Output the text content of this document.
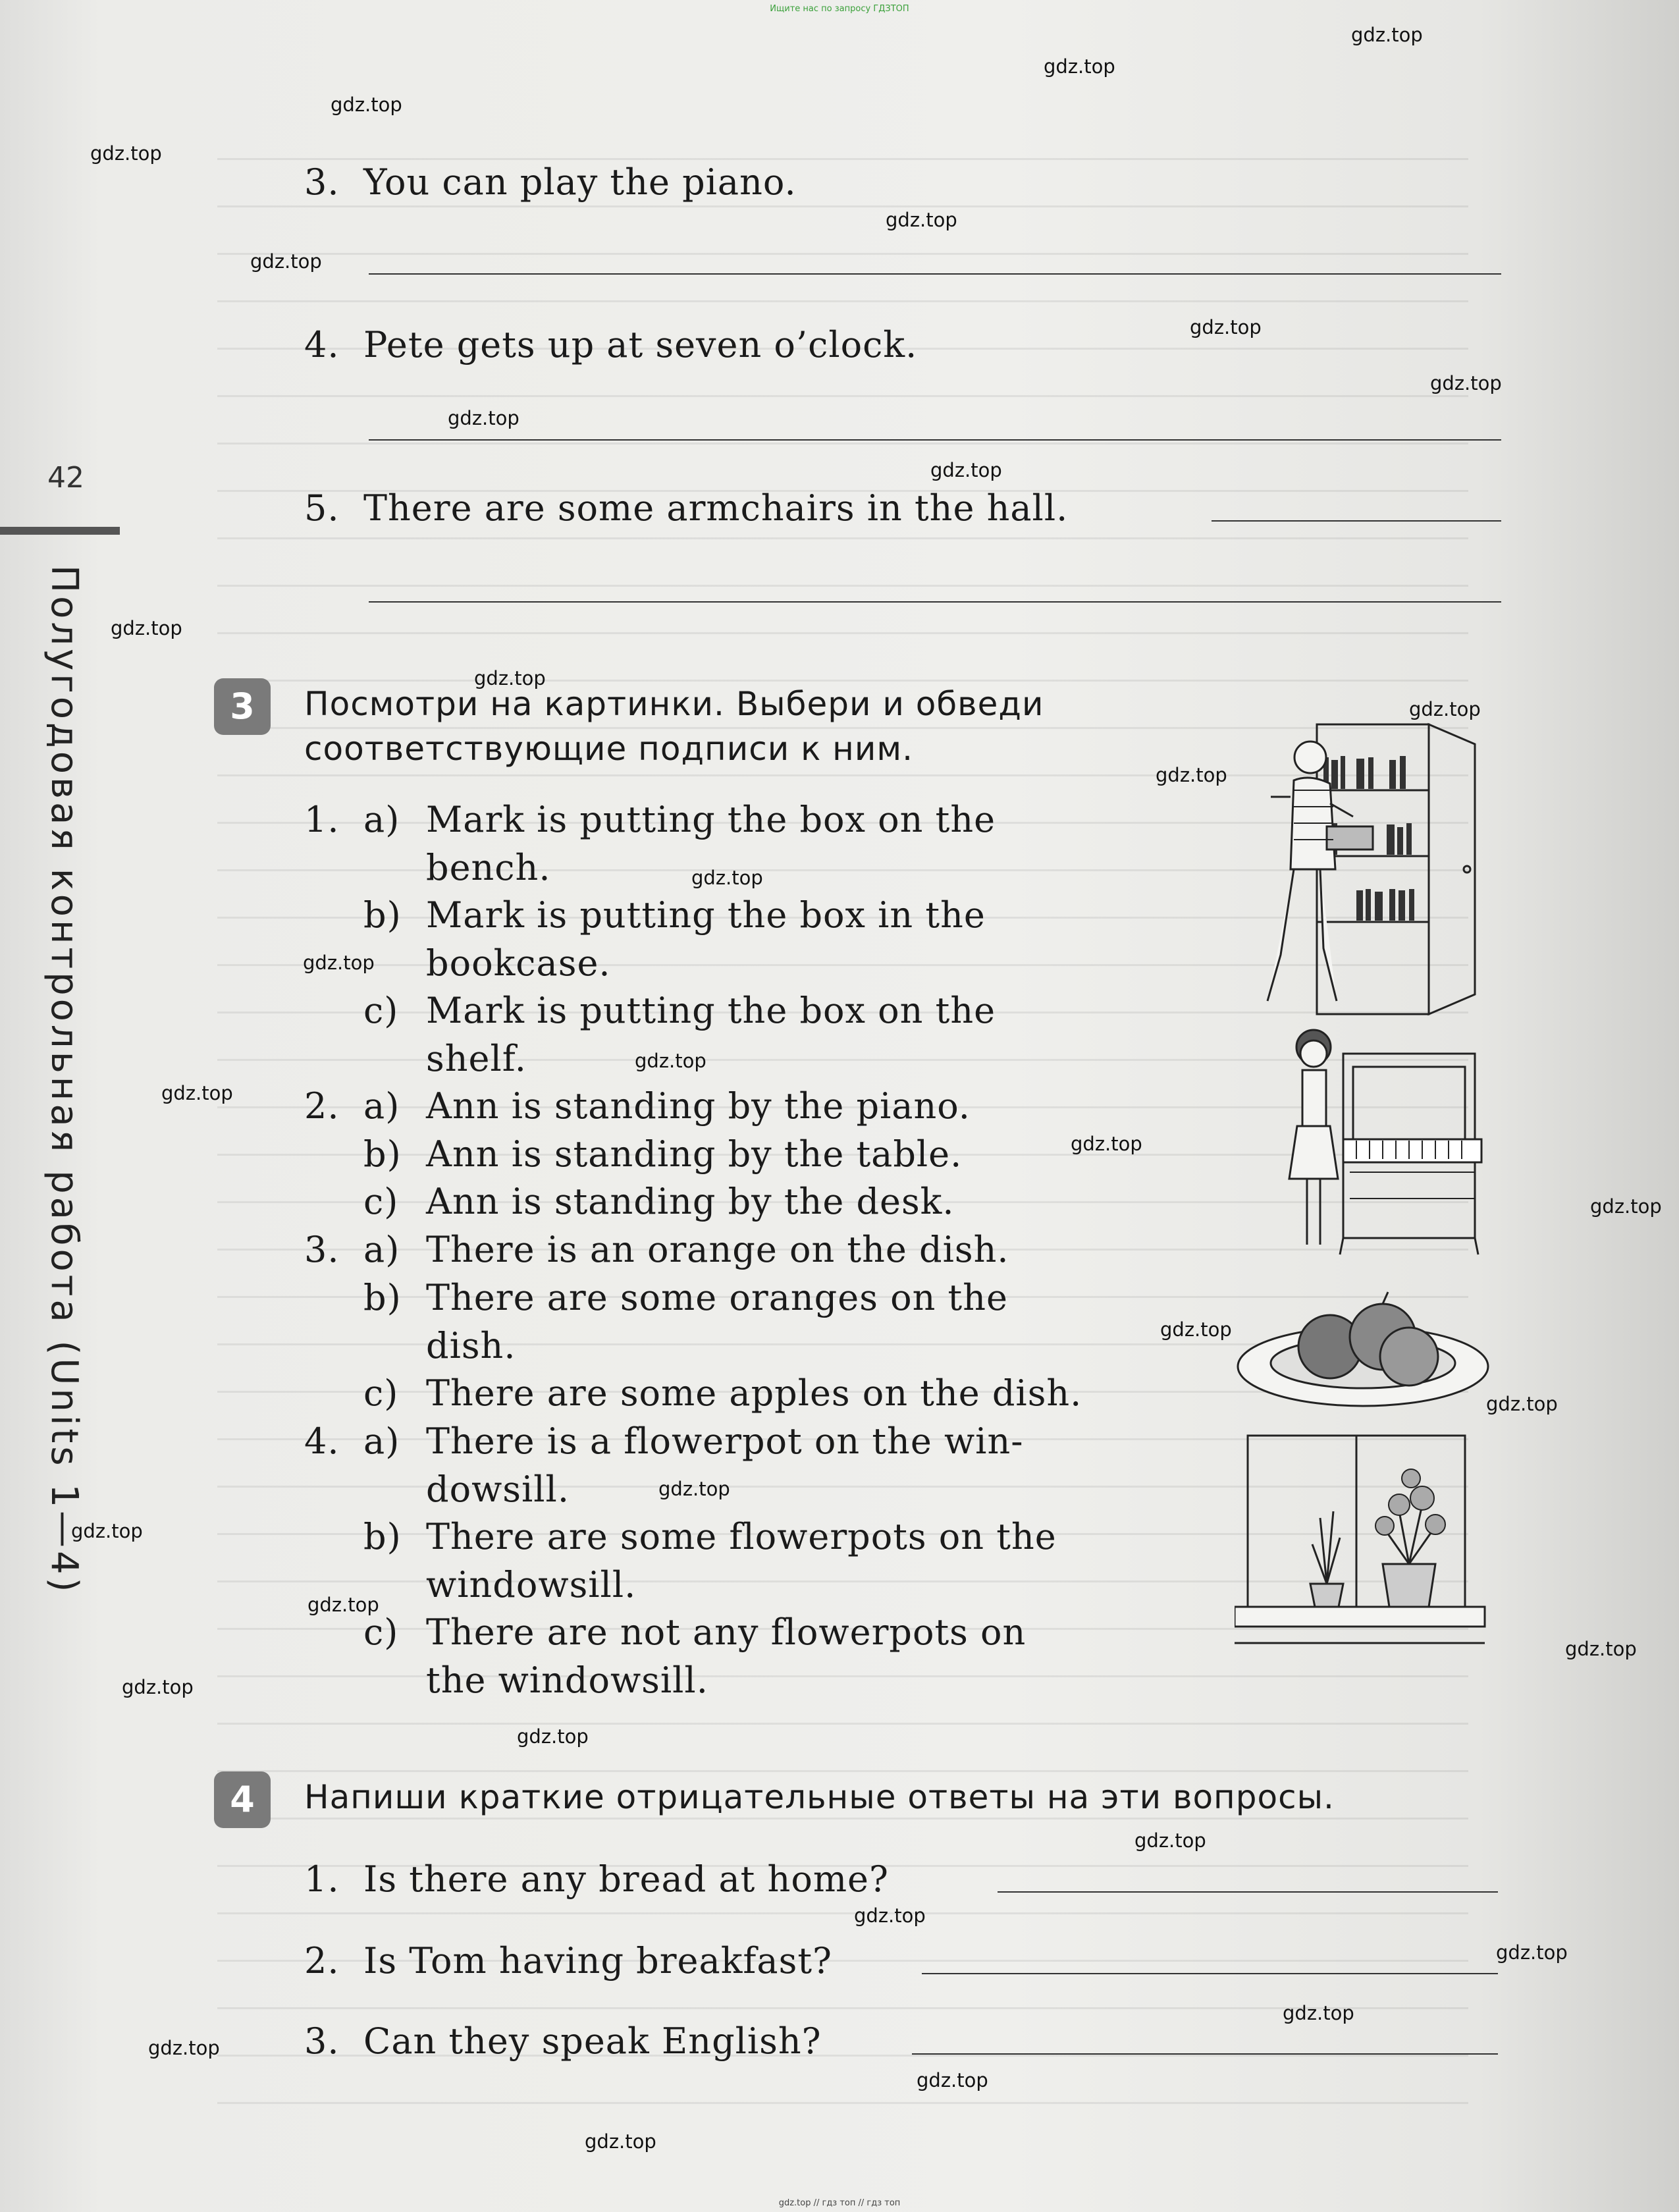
Ищите нас по запросу ГДЗТОП
gdz.top // гдз топ // гдз топ
42
Полугодовая контрольная работа (Units 1—4)
3. You can play the piano.
4. Pete gets up at seven o’clock.
5. There are some armchairs in the hall.
3	Посмотри на картинки. Выбери и обведи
соответствующие подписи к ним.
1. a) Mark is putting the box on the
bench.
b) Mark is putting the box in the
bookcase.
c) Mark is putting the box on the
shelf.
2. a) Ann is standing by the piano.
b) Ann is standing by the table.
c) Ann is standing by the desk.
3. a) There is an orange on the dish.
b) There are some oranges on the
dish.
c) There are some apples on the dish.
4. a) There is a flowerpot on the win-
dowsill.
b) There are some flowerpots on the
windowsill.
c) There are not any flowerpots on
the windowsill.
4	Напиши краткие отрицательные ответы на эти вопросы.
1. Is there any bread at home?
2. Is Tom having breakfast?
3. Can they speak English?
gdz.top
gdz.top
gdz.top
gdz.top
gdz.top
gdz.top
gdz.top
gdz.top
gdz.top
gdz.top
gdz.top
gdz.top
gdz.top
gdz.top
gdz.top
gdz.top
gdz.top
gdz.top
gdz.top
gdz.top
gdz.top
gdz.top
gdz.top
gdz.top
gdz.top
gdz.top
gdz.top
gdz.top
gdz.top
gdz.top
gdz.top
gdz.top
gdz.top
gdz.top
gdz.top
